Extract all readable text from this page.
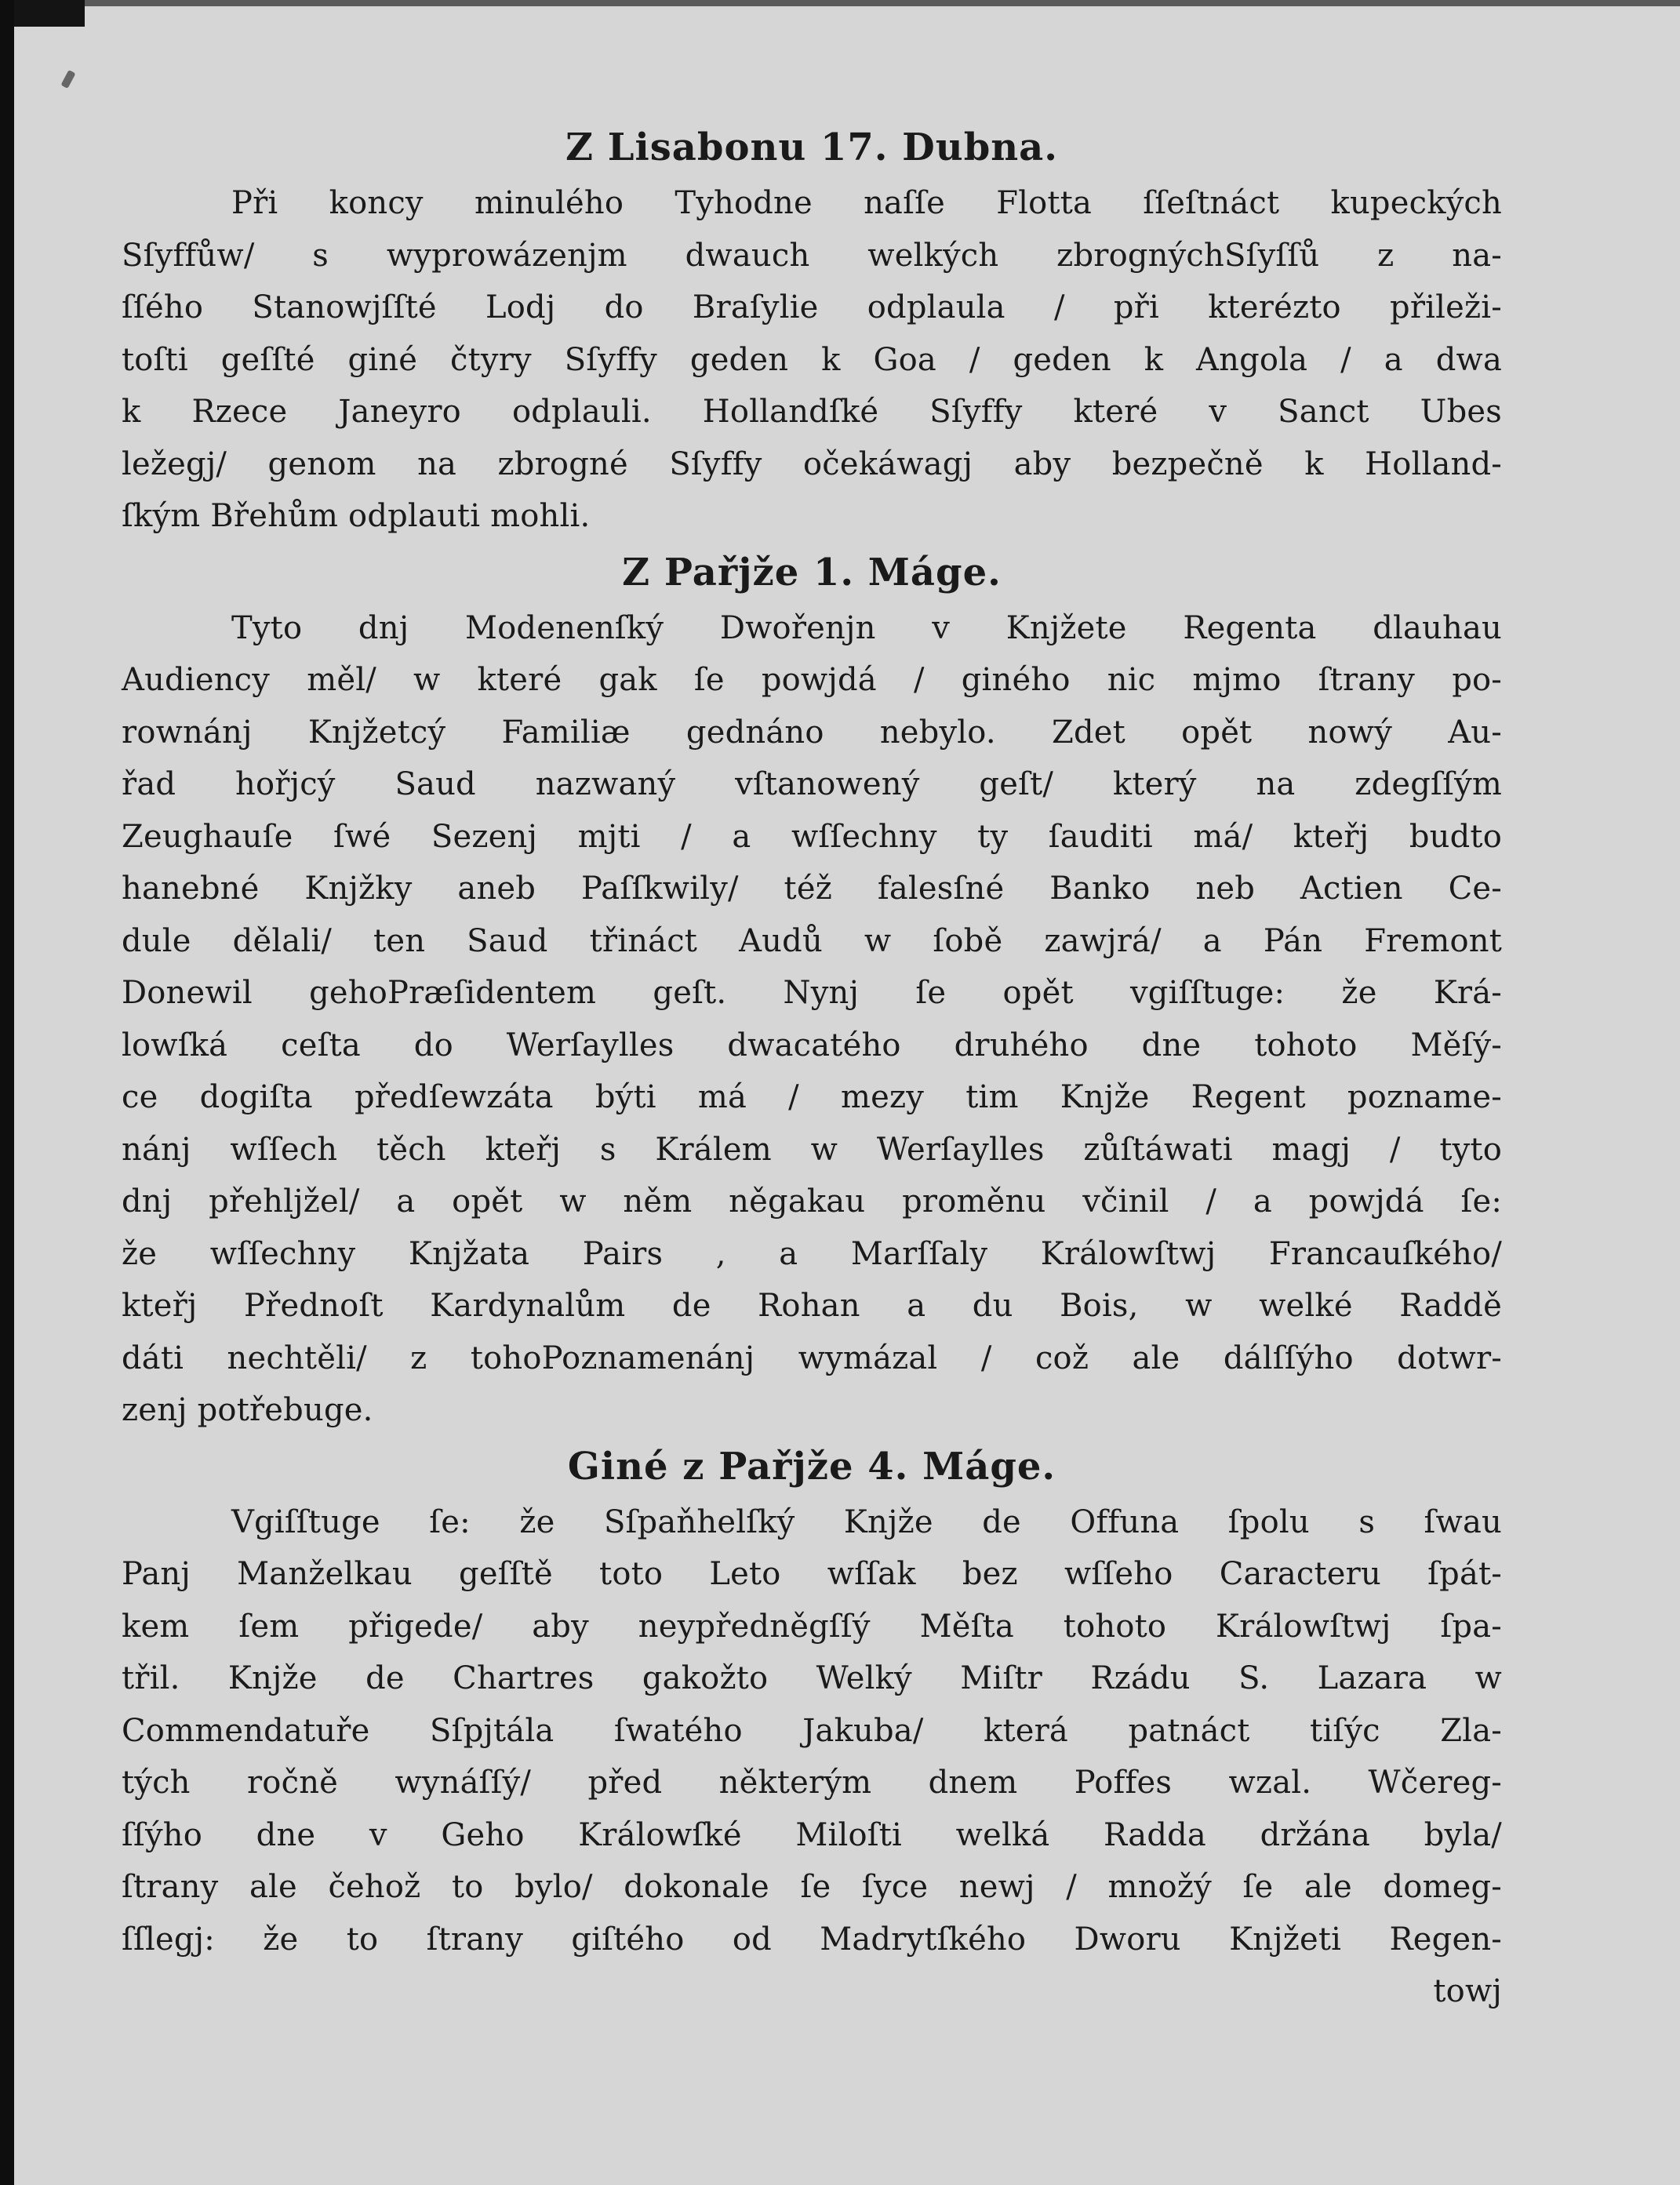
Z Lisabonu 17. Dubna.
Při koncy minulého Tyhodne naſſe Flotta ſſeſtnáct kupeckých
Sſyffůw/ s wyprowázenjm dwauch welkých zbrognýchSſyſſů z na-
ſſého Stanowjſſté Lodj do Braſylie odplaula / při kterézto přileži-
toſti geſſté giné čtyry Sſyffy geden k Goa / geden k Angola / a dwa
k Rzece Janeyro odplauli. Hollandſké Sſyffy které v Sanct Ubes
ležegj/ genom na zbrogné Sſyffy očekáwagj aby bezpečně k Holland-
ſkým Břehům odplauti mohli.
Z Pařjže 1. Máge.
Tyto dnj Modenenſký Dwořenjn v Knjžete Regenta dlauhau
Audiency měl/ w které gak ſe powjdá / giného nic mjmo ſtrany po-
rownánj Knjžetcý Familiæ gednáno nebylo. Zdet opět nowý Au-
řad hořjcý Saud nazwaný vſtanowený geſt/ který na zdegſſým
Zeughauſe ſwé Sezenj mjti / a wſſechny ty ſauditi má/ kteřj budto
hanebné Knjžky aneb Paſſkwily/ též falesſné Banko neb Actien Ce-
dule dělali/ ten Saud třináct Audů w ſobě zawjrá/ a Pán Fremont
Donewil gehoPræſidentem geſt. Nynj ſe opět vgiſſtuge: že Krá-
lowſká ceſta do Werſaylles dwacatého druhého dne tohoto Měſý-
ce dogiſta předſewzáta býti má / mezy tim Knjže Regent pozname-
nánj wſſech těch kteřj s Králem w Werſaylles zůſtáwati magj / tyto
dnj přehljžel/ a opět w něm něgakau proměnu včinil / a powjdá ſe:
že wſſechny Knjžata Pairs , a Marſſaly Králowſtwj Francauſkého/
kteřj Přednoſt Kardynalům de Rohan a du Bois, w welké Raddě
dáti nechtěli/ z tohoPoznamenánj wymázal / což ale dálſſýho dotwr-
zenj potřebuge.
Giné z Pařjže 4. Máge.
Vgiſſtuge ſe: že Sſpaňhelſký Knjže de Offuna ſpolu s ſwau
Panj Manželkau geſſtě toto Leto wſſak bez wſſeho Caracteru ſpát-
kem ſem přigede/ aby neypředněgſſý Měſta tohoto Králowſtwj ſpa-
třil. Knjže de Chartres gakožto Welký Miſtr Rzádu S. Lazara w
Commendatuře Sſpjtála ſwatého Jakuba/ která patnáct tiſýc Zla-
tých ročně wynáſſý/ před některým dnem Poffes wzal. Wčereg-
ſſýho dne v Geho Králowſké Miloſti welká Radda držána byla/
ſtrany ale čehož to bylo/ dokonale ſe ſyce newj / množý ſe ale domeg-
ſſlegj: že to ſtrany giſtého od Madrytſkého Dworu Knjžeti Regen-
towj
